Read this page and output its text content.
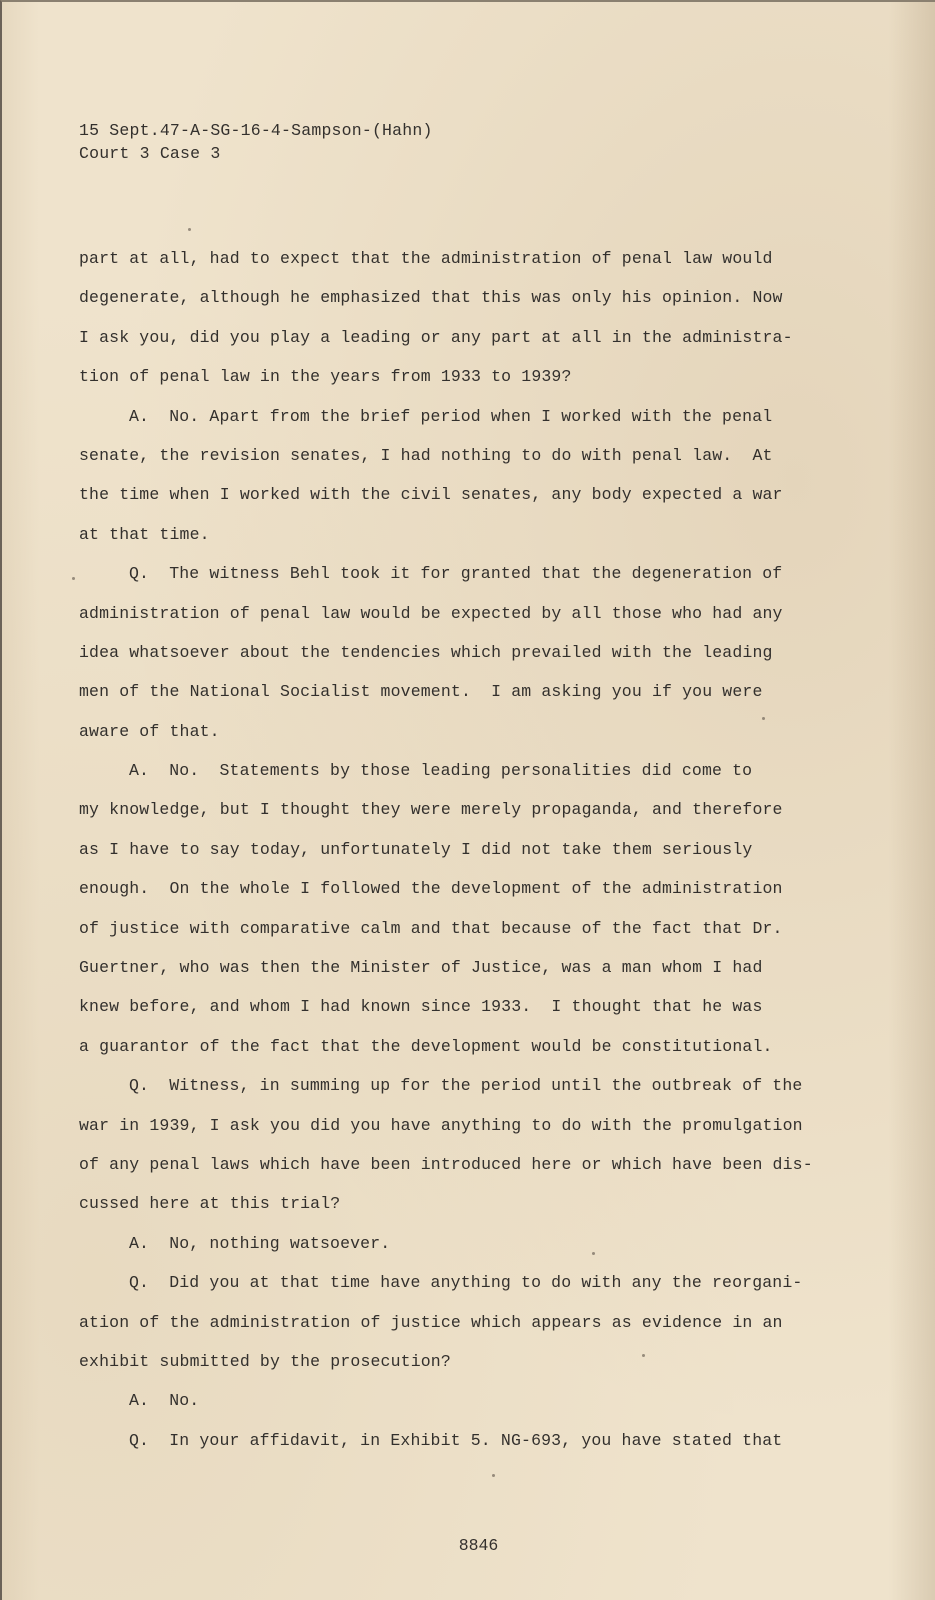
15 Sept.47-A-SG-16-4-Sampson-(Hahn)
Court 3 Case 3
part at all, had to expect that the administration of penal law would
degenerate, although he emphasized that this was only his opinion. Now
I ask you, did you play a leading or any part at all in the administra-
tion of penal law in the years from 1933 to 1939?
A.  No. Apart from the brief period when I worked with the penal
senate, the revision senates, I had nothing to do with penal law.  At
the time when I worked with the civil senates, any body expected a war
at that time.
Q.  The witness Behl took it for granted that the degeneration of
administration of penal law would be expected by all those who had any
idea whatsoever about the tendencies which prevailed with the leading
men of the National Socialist movement.  I am asking you if you were
aware of that.
A.  No.  Statements by those leading personalities did come to
my knowledge, but I thought they were merely propaganda, and therefore
as I have to say today, unfortunately I did not take them seriously
enough.  On the whole I followed the development of the administration
of justice with comparative calm and that because of the fact that Dr.
Guertner, who was then the Minister of Justice, was a man whom I had
knew before, and whom I had known since 1933.  I thought that he was
a guarantor of the fact that the development would be constitutional.
Q.  Witness, in summing up for the period until the outbreak of the
war in 1939, I ask you did you have anything to do with the promulgation
of any penal laws which have been introduced here or which have been dis-
cussed here at this trial?
A.  No, nothing watsoever.
Q.  Did you at that time have anything to do with any the reorgani-
ation of the administration of justice which appears as evidence in an
exhibit submitted by the prosecution?
A.  No.
Q.  In your affidavit, in Exhibit 5. NG-693, you have stated that
8846
